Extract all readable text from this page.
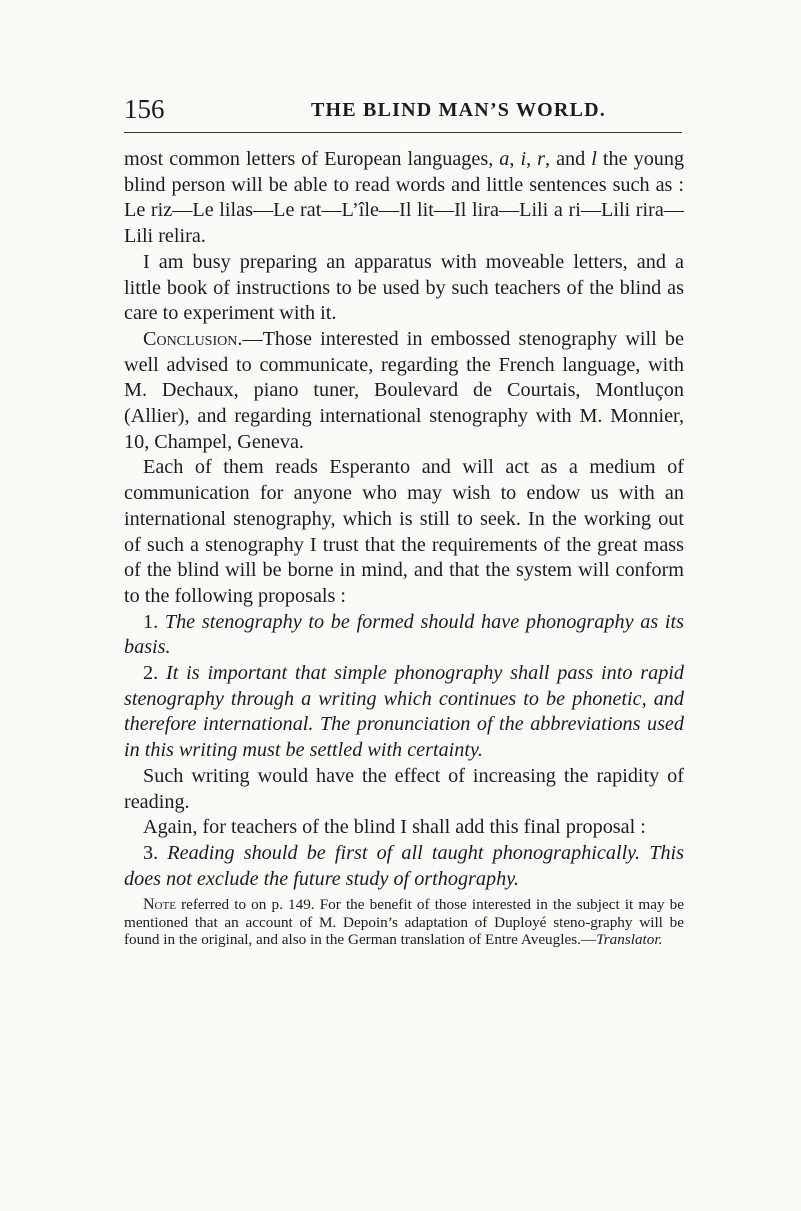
156	THE BLIND MAN’S WORLD.

most common letters of European languages, a, i, r, and l the young blind person will be able to read words and little sentences such as : Le riz—Le lilas—Le rat—L’île—Il lit—Il lira—Lili a ri—Lili rira—Lili relira.

I am busy preparing an apparatus with moveable letters, and a little book of instructions to be used by such teachers of the blind as care to experiment with it.

Conclusion.—Those interested in embossed stenography will be well advised to communicate, regarding the French language, with M. Dechaux, piano tuner, Boulevard de Courtais, Montluçon (Allier), and regarding international stenography with M. Monnier, 10, Champel, Geneva.

Each of them reads Esperanto and will act as a medium of communication for anyone who may wish to endow us with an international stenography, which is still to seek. In the working out of such a stenography I trust that the requirements of the great mass of the blind will be borne in mind, and that the system will conform to the following proposals :

1. The stenography to be formed should have phonography as its basis.

2. It is important that simple phonography shall pass into rapid stenography through a writing which continues to be phonetic, and therefore international. The pronunciation of the abbreviations used in this writing must be settled with certainty.

Such writing would have the effect of increasing the rapidity of reading.

Again, for teachers of the blind I shall add this final proposal :

3. Reading should be first of all taught phonographically. This does not exclude the future study of orthography.

Note referred to on p. 149. For the benefit of those interested in the subject it may be mentioned that an account of M. Depoin’s adaptation of Duployé steno-graphy will be found in the original, and also in the German translation of Entre Aveugles.—Translator.
